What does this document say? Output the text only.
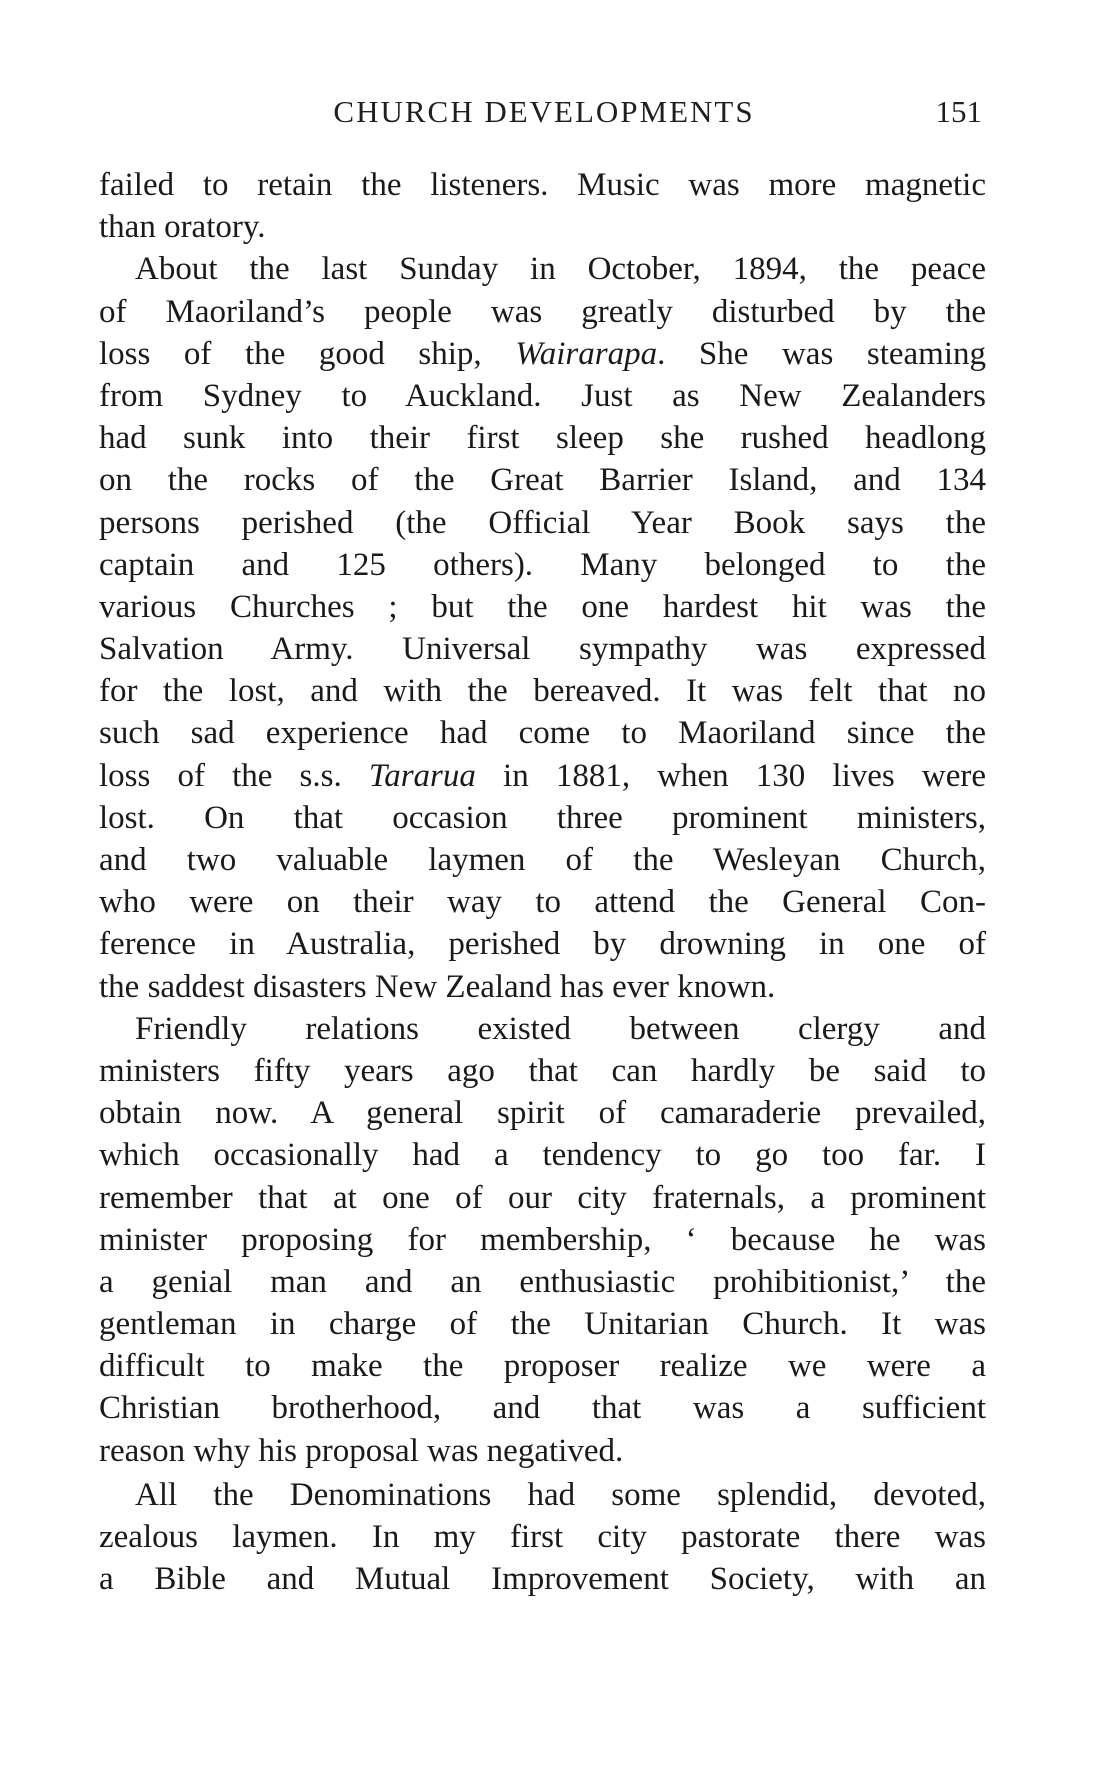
CHURCH DEVELOPMENTS	151
failed to retain the listeners. Music was more magnetic
than oratory.
About the last Sunday in October, 1894, the peace
of Maoriland’s people was greatly disturbed by the
loss of the good ship, Wairarapa. She was steaming
from Sydney to Auckland. Just as New Zealanders
had sunk into their first sleep she rushed headlong
on the rocks of the Great Barrier Island, and 134
persons perished (the Official Year Book says the
captain and 125 others). Many belonged to the
various Churches ; but the one hardest hit was the
Salvation Army. Universal sympathy was expressed
for the lost, and with the bereaved. It was felt that no
such sad experience had come to Maoriland since the
loss of the s.s. Tararua in 1881, when 130 lives were
lost. On that occasion three prominent ministers,
and two valuable laymen of the Wesleyan Church,
who were on their way to attend the General Con-
ference in Australia, perished by drowning in one of
the saddest disasters New Zealand has ever known.
Friendly relations existed between clergy and
ministers fifty years ago that can hardly be said to
obtain now. A general spirit of camaraderie prevailed,
which occasionally had a tendency to go too far. I
remember that at one of our city fraternals, a prominent
minister proposing for membership, ‘ because he was
a genial man and an enthusiastic prohibitionist,’ the
gentleman in charge of the Unitarian Church. It was
difficult to make the proposer realize we were a
Christian brotherhood, and that was a sufficient
reason why his proposal was negatived.
All the Denominations had some splendid, devoted,
zealous laymen. In my first city pastorate there was
a Bible and Mutual Improvement Society, with an
